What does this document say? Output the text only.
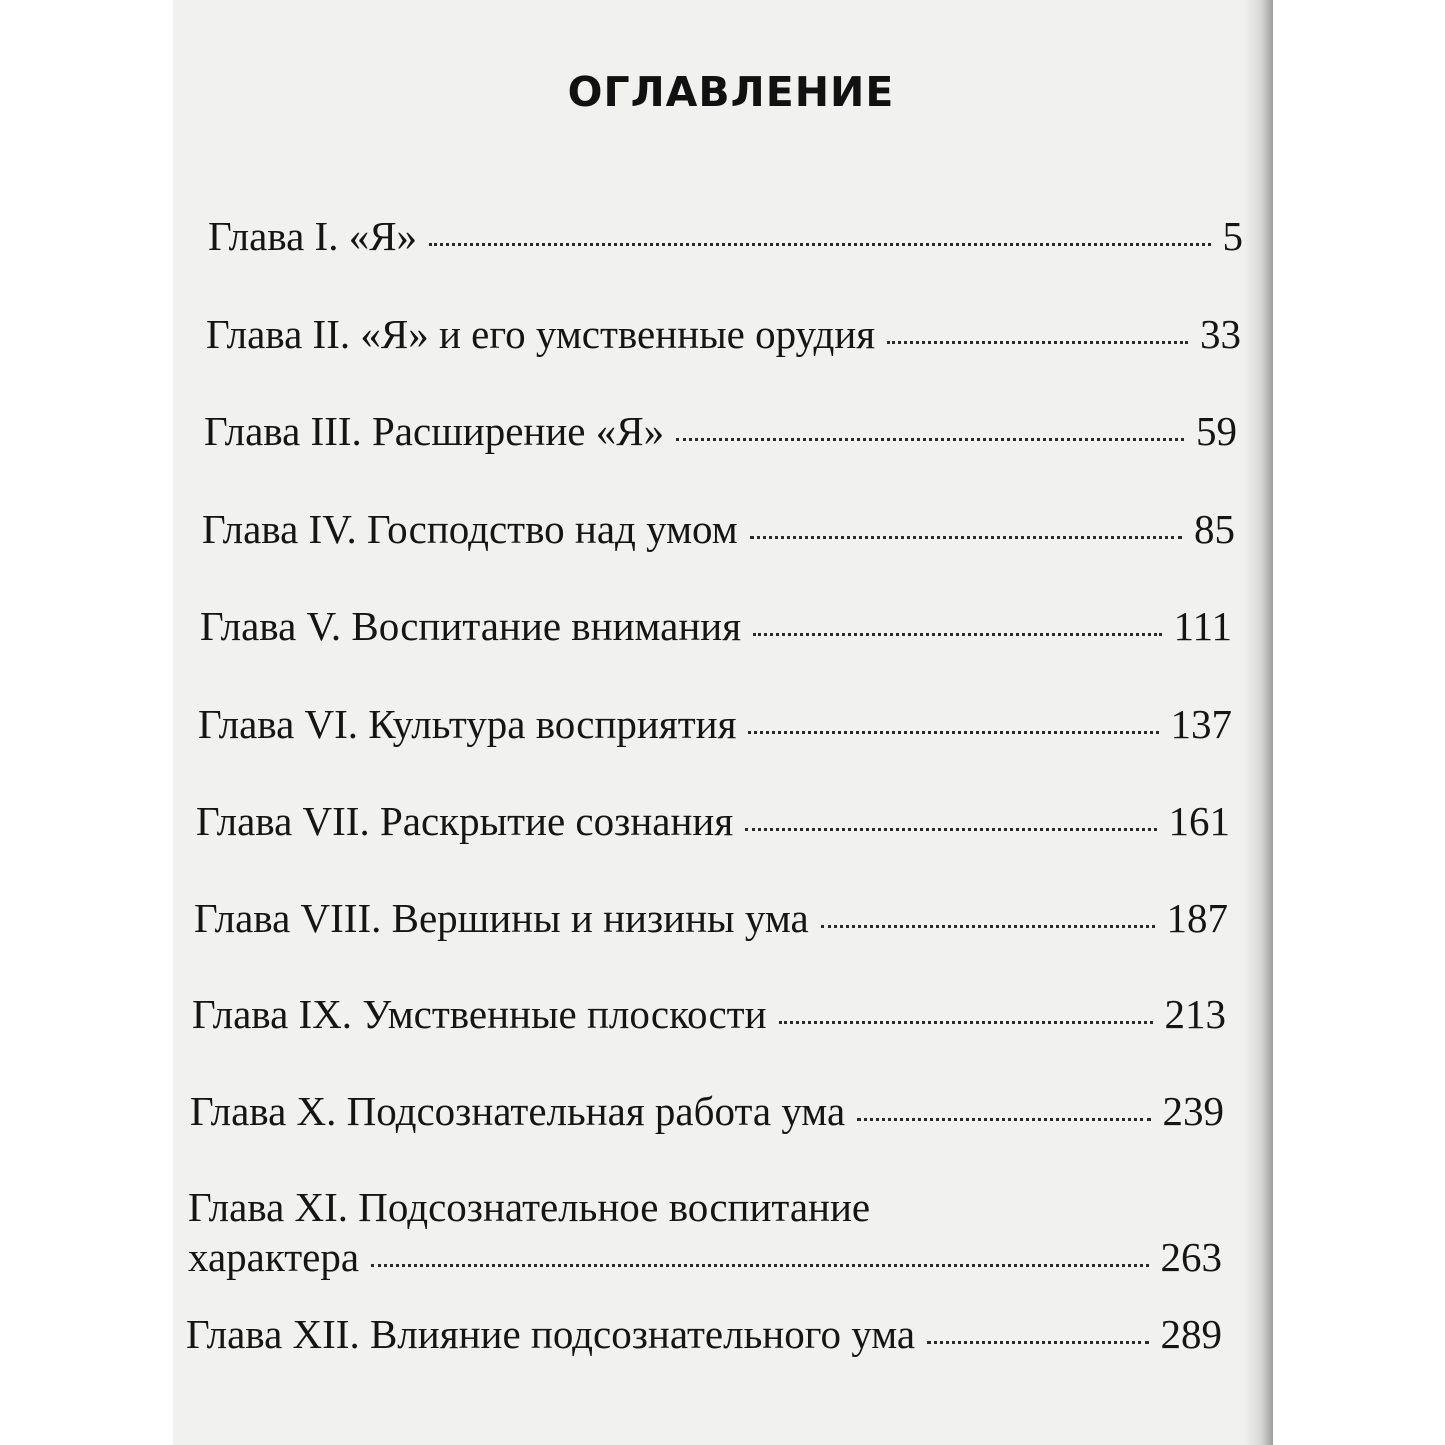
ОГЛАВЛЕНИЕ
Глава I. «Я»	5
Глава II. «Я» и его умственные орудия	33
Глава III. Расширение «Я»	59
Глава IV. Господство над умом	85
Глава V. Воспитание внимания	111
Глава VI. Культура восприятия	137
Глава VII. Раскрытие сознания	161
Глава VIII. Вершины и низины ума	187
Глава IX. Умственные плоскости	213
Глава X. Подсознательная работа ума	239
Глава XI. Подсознательное воспитание
характера	263
Глава XII. Влияние подсознательного ума	289
